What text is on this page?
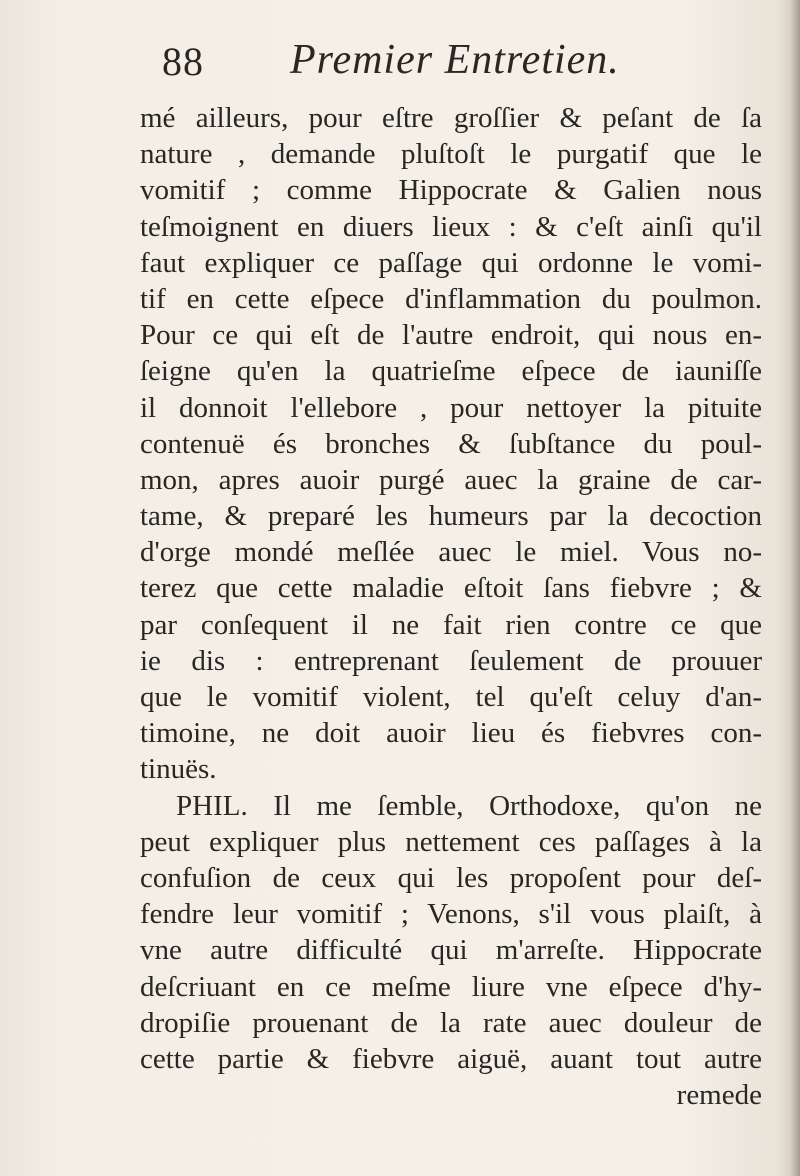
88 Premier Entretien.
mé ailleurs, pour eſtre groſſier & peſant de ſa
nature , demande pluſtoſt le purgatif que le
vomitif ; comme Hippocrate & Galien nous
teſmoignent en diuers lieux : & c'eſt ainſi qu'il
faut expliquer ce paſſage qui ordonne le vomi-
tif en cette eſpece d'inflammation du poulmon.
Pour ce qui eſt de l'autre endroit, qui nous en-
ſeigne qu'en la quatrieſme eſpece de iauniſſe
il donnoit l'ellebore , pour nettoyer la pituite
contenuë és bronches & ſubſtance du poul-
mon, apres auoir purgé auec la graine de car-
tame, & preparé les humeurs par la decoction
d'orge mondé meſlée auec le miel. Vous no-
terez que cette maladie eſtoit ſans fiebvre ; &
par conſequent il ne fait rien contre ce que
ie dis : entreprenant ſeulement de prouuer
que le vomitif violent, tel qu'eſt celuy d'an-
timoine, ne doit auoir lieu és fiebvres con-
tinuës.
PHIL. Il me ſemble, Orthodoxe, qu'on ne
peut expliquer plus nettement ces paſſages à la
confuſion de ceux qui les propoſent pour deſ-
fendre leur vomitif ; Venons, s'il vous plaiſt, à
vne autre difficulté qui m'arreſte. Hippocrate
deſcriuant en ce meſme liure vne eſpece d'hy-
dropiſie prouenant de la rate auec douleur de
cette partie & fiebvre aiguë, auant tout autre
remede
